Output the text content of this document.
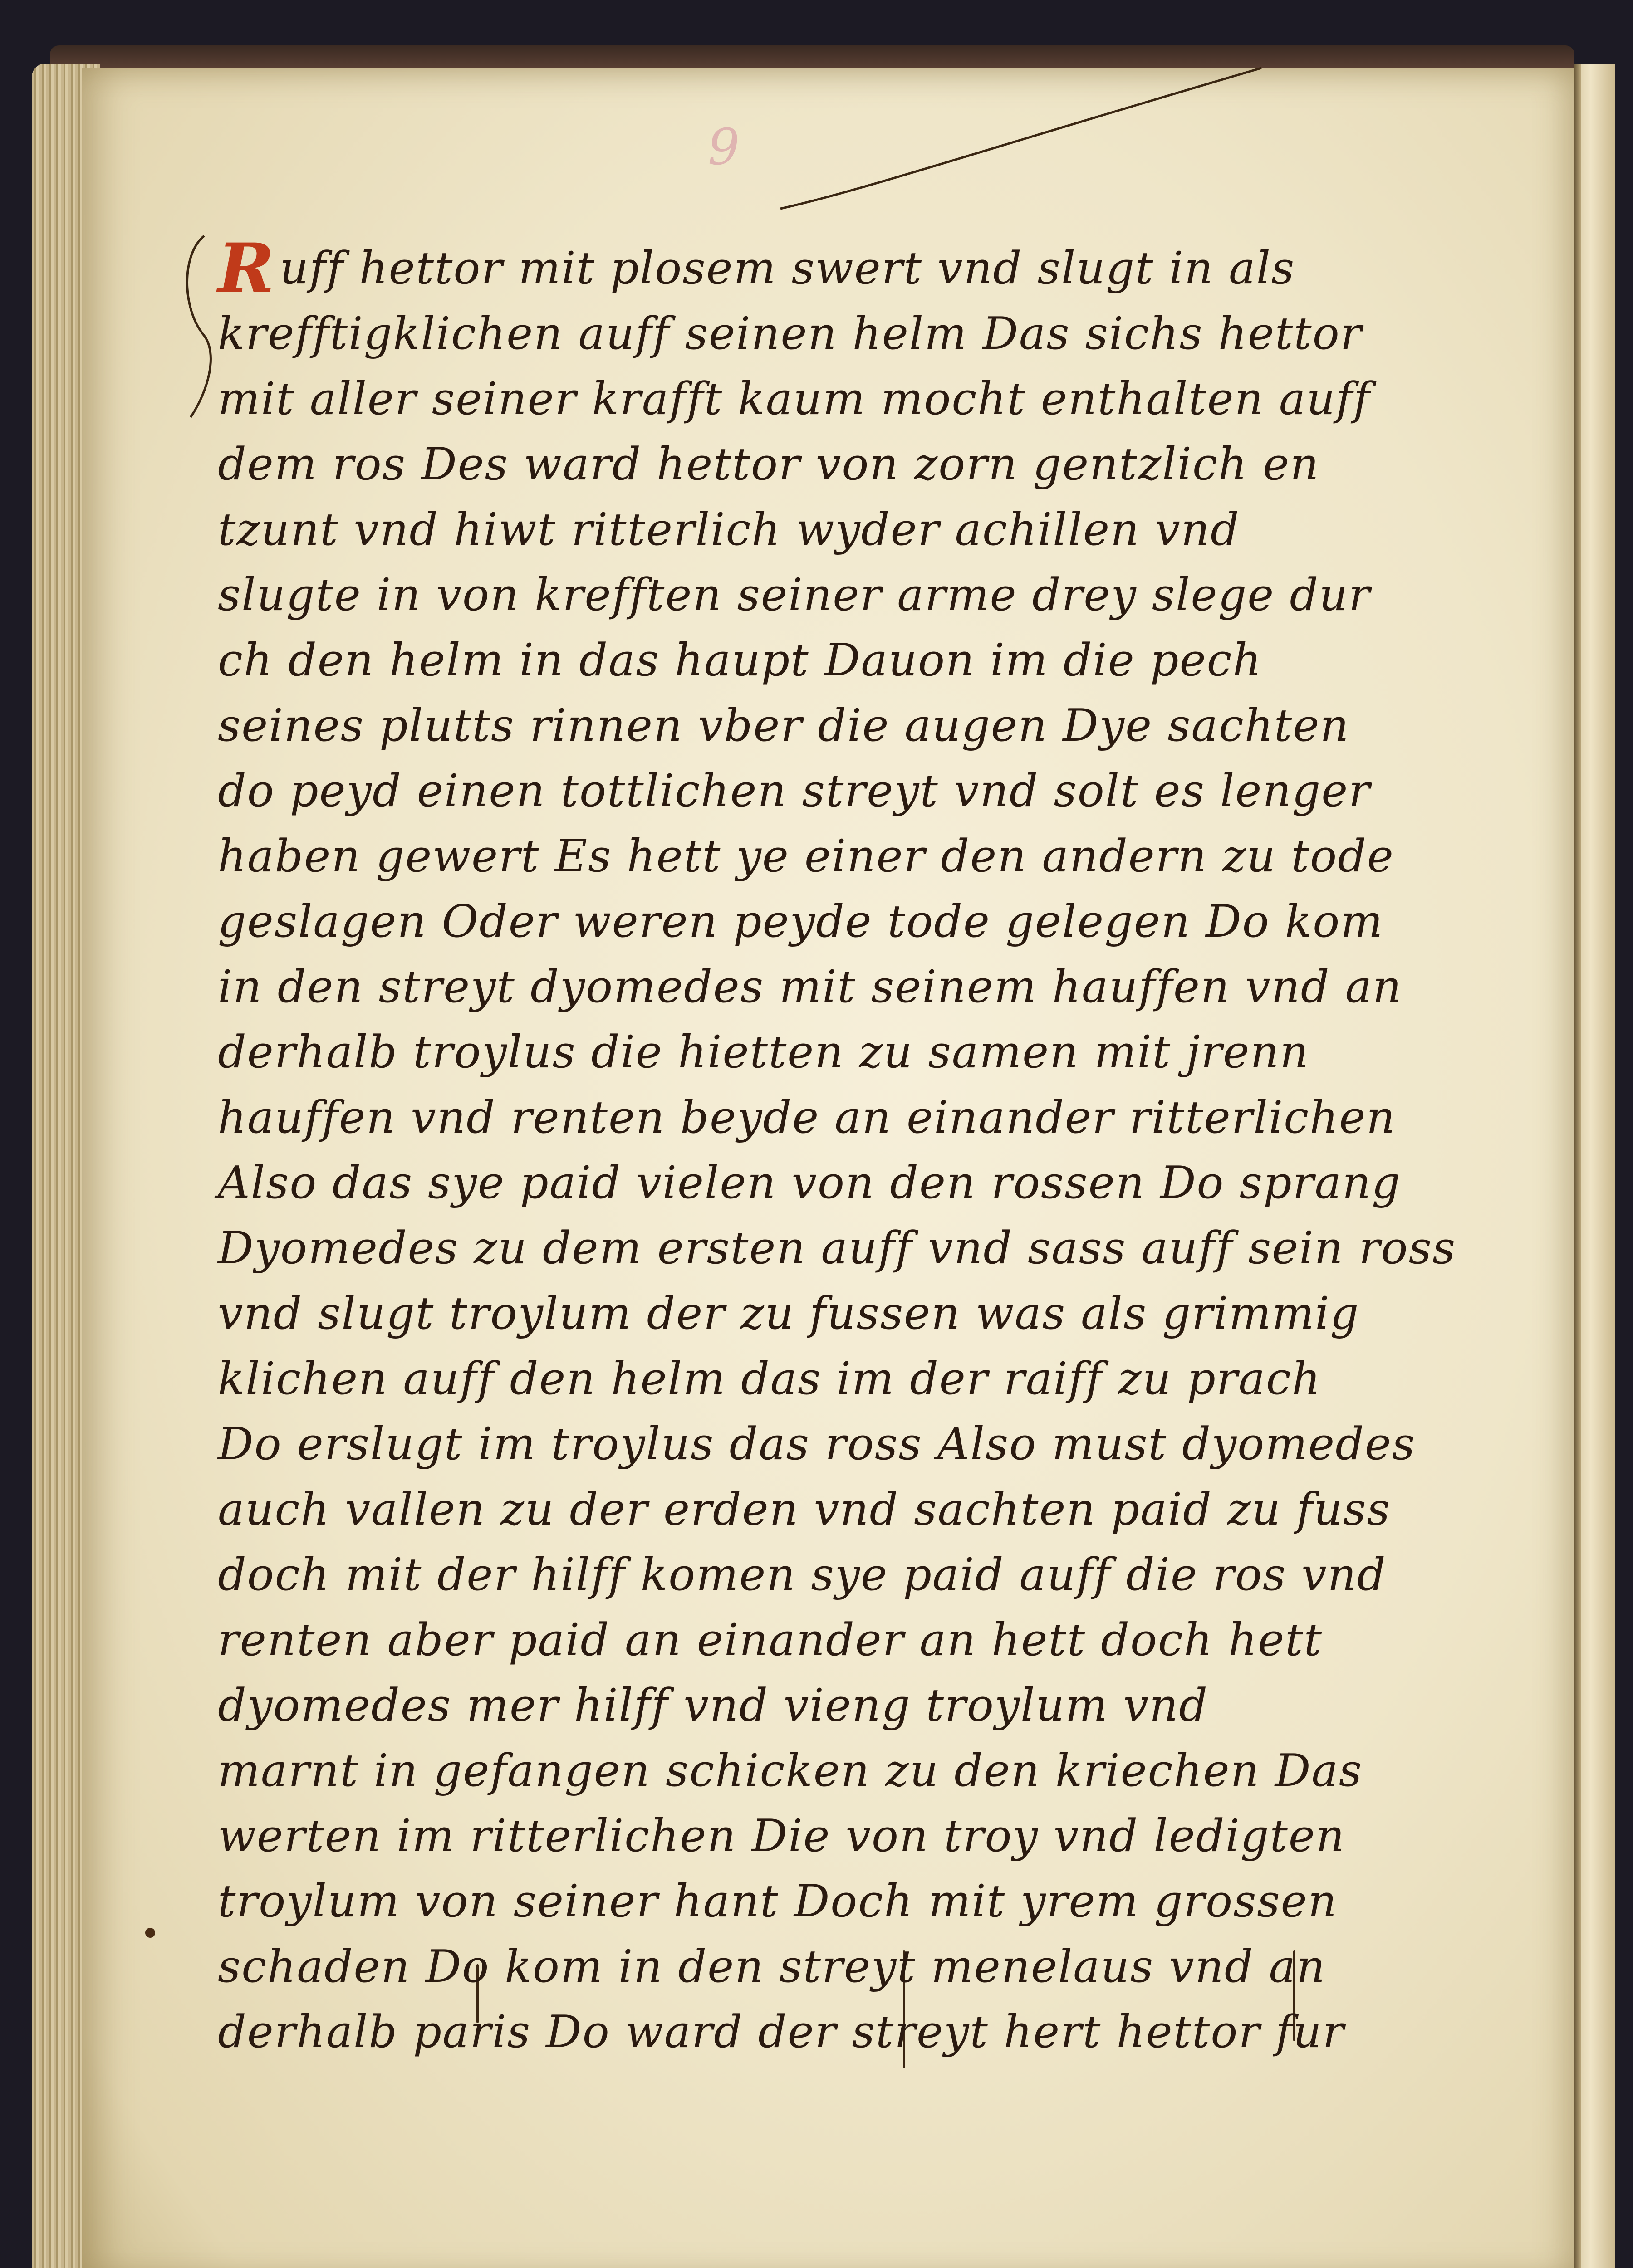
9
R uff hettor mit plosem swert vnd slugt in als
krefftigklichen auff seinen helm Das sichs hettor
mit aller seiner krafft kaum mocht enthalten auff
dem ros Des ward hettor von zorn gentzlich en
tzunt vnd hiwt ritterlich wyder achillen vnd
slugte in von krefften seiner arme drey slege dur
ch den helm in das haupt Dauon im die pech
seines plutts rinnen vber die augen Dye sachten
do peyd einen tottlichen streyt vnd solt es lenger
haben gewert Es hett ye einer den andern zu tode
geslagen Oder weren peyde tode gelegen Do kom
in den streyt dyomedes mit seinem hauffen vnd an
derhalb troylus die hietten zu samen mit jrenn
hauffen vnd renten beyde an einander ritterlichen
Also das sye paid vielen von den rossen Do sprang
Dyomedes zu dem ersten auff vnd sass auff sein ross
vnd slugt troylum der zu fussen was als grimmig
klichen auff den helm das im der raiff zu prach
Do erslugt im troylus das ross Also must dyomedes
auch vallen zu der erden vnd sachten paid zu fuss
doch mit der hilff komen sye paid auff die ros vnd
renten aber paid an einander an hett doch hett
dyomedes mer hilff vnd vieng troylum vnd
marnt in gefangen schicken zu den kriechen Das
werten im ritterlichen Die von troy vnd ledigten
troylum von seiner hant Doch mit yrem grossen
schaden Do kom in den streyt menelaus vnd an
derhalb paris Do ward der streyt hert hettor fur
